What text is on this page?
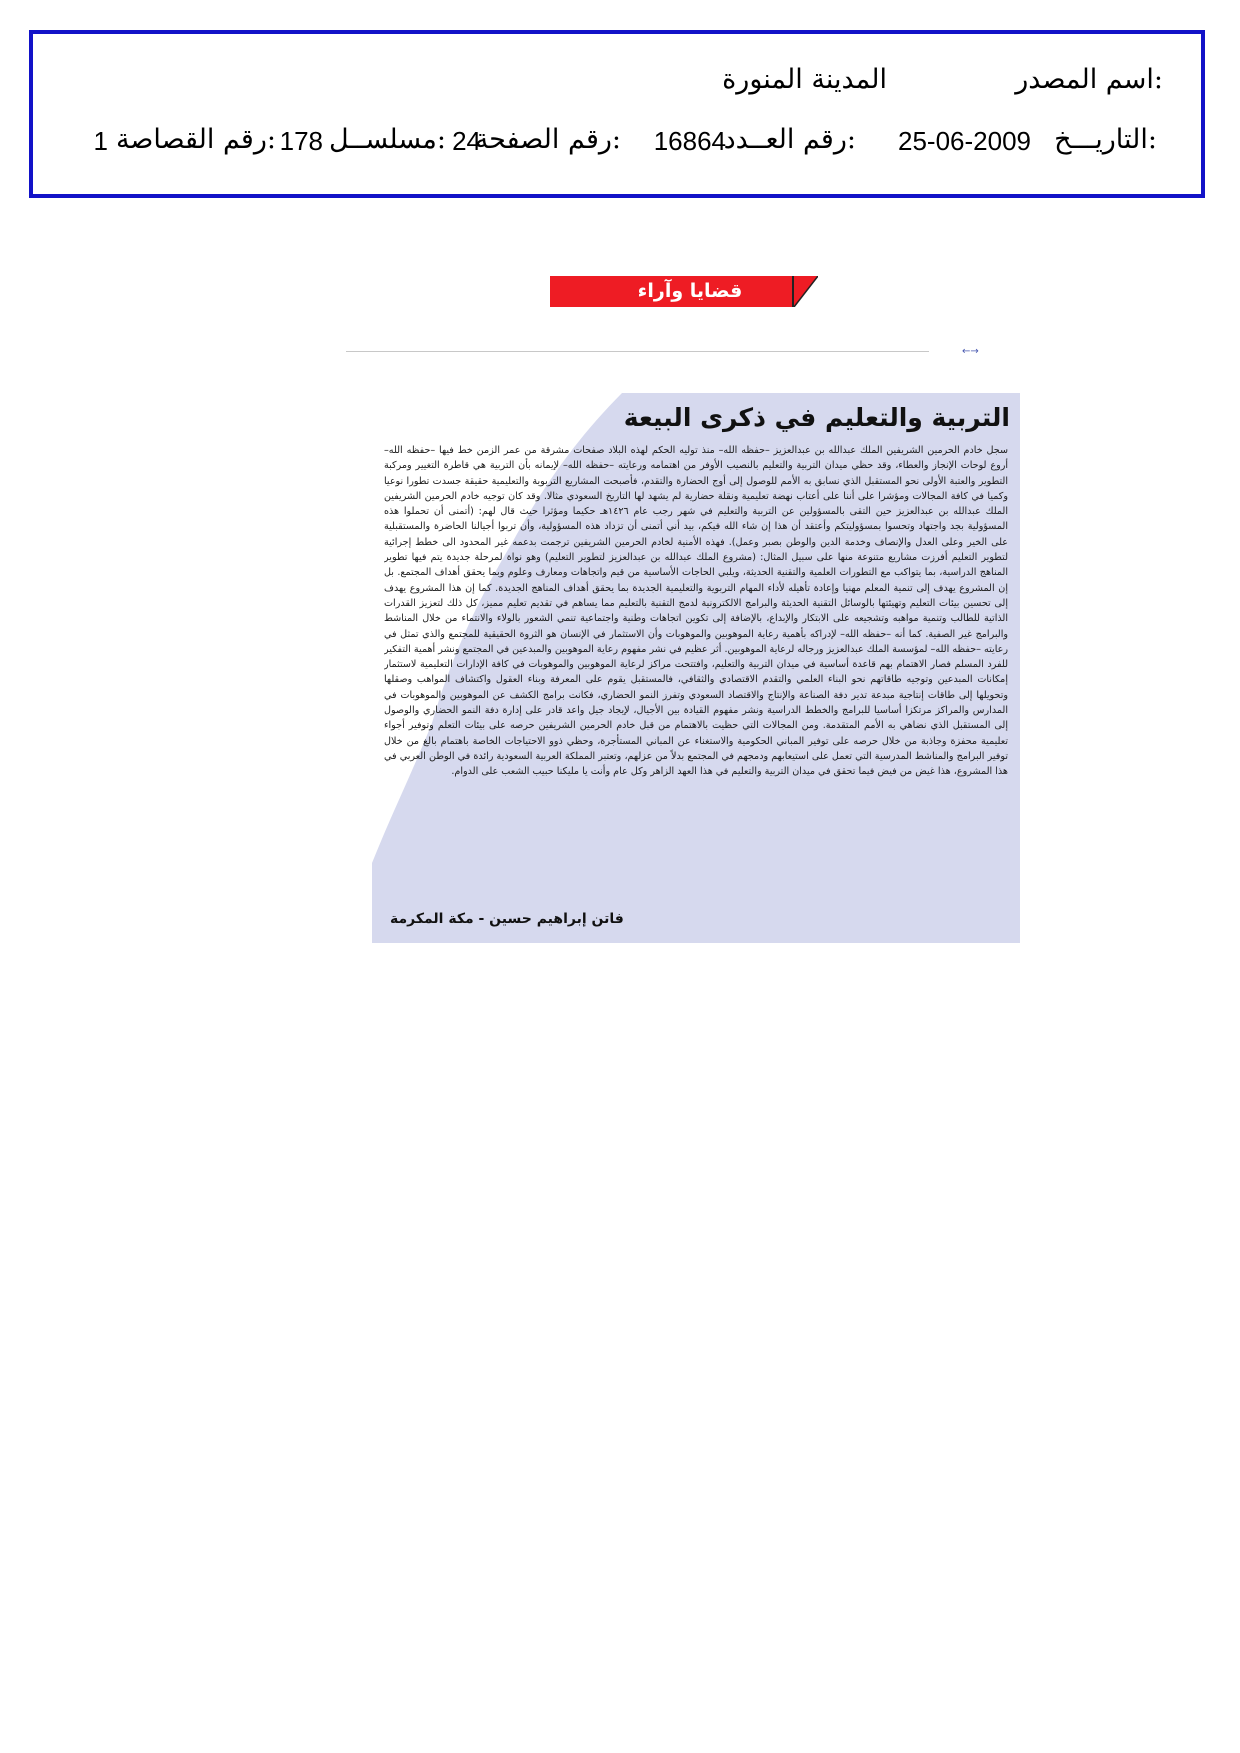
اسم المصدر:
المدينة المنورة
التاريـــخ:
25-06-2009
رقم العــدد:
16864
رقم الصفحة:
24
مسلســل:
178
رقم القصاصة:
1
قضايا وآراء
←→
التربية والتعليم في ذكرى البيعة
سجل خادم الحرمين الشريفين الملك عبدالله بن عبدالعزيز –حفظه الله– منذ توليه الحكم لهذه البلاد صفحات مشرقة من عمر الزمن خط فيها –حفظه الله– أروع لوحات الإنجاز والعطاء، وقد حظي ميدان التربية والتعليم بالنصيب الأوفر من اهتمامه ورعايته –حفظه الله– لإيمانه بأن التربية هي قاطرة التغيير ومركبة التطوير والعتبة الأولى نحو المستقبل الذي نسابق به الأمم للوصول إلى أوج الحضارة والتقدم، فأصبحت المشاريع التربوية والتعليمية حقيقة جسدت تطورا نوعيا وكميا في كافة المجالات ومؤشرا على أننا على أعتاب نهضة تعليمية ونقلة حضارية لم يشهد لها التاريخ السعودي مثالا. وقد كان توجيه خادم الحرمين الشريفين الملك عبدالله بن عبدالعزيز حين التقى بالمسؤولين عن التربية والتعليم في شهر رجب عام ١٤٢٦هـ حكيما ومؤثرا حيث قال لهم: (أتمنى أن تحملوا هذه المسؤولية بجد واجتهاد وتحسوا بمسؤوليتكم وأعتقد أن هذا إن شاء الله فيكم، بيد أني أتمنى أن تزداد هذه المسؤولية، وأن تربوا أجيالنا الحاضرة والمستقبلية على الخير وعلى العدل والإنصاف وخدمة الدين والوطن بصبر وعمل). فهذه الأمنية لخادم الحرمين الشريفين ترجمت بدعمه غير المحدود الى خطط إجرائية لتطوير التعليم أفرزت مشاريع متنوعة منها على سبيل المثال: (مشروع الملك عبدالله بن عبدالعزيز لتطوير التعليم) وهو نواة لمرحلة جديدة يتم فيها تطوير المناهج الدراسية، بما يتواكب مع التطورات العلمية والتقنية الحديثة، ويلبي الحاجات الأساسية من قيم واتجاهات ومعارف وعلوم وبما يحقق أهداف المجتمع. بل إن المشروع يهدف إلى تنمية المعلم مهنيا وإعادة تأهيله لأداء المهام التربوية والتعليمية الجديدة بما يحقق أهداف المناهج الجديدة. كما إن هذا المشروع يهدف إلى تحسين بيئات التعليم وتهيئتها بالوسائل التقنية الحديثة والبرامج الالكترونية لدمج التقنية بالتعليم مما يساهم في تقديم تعليم مميز، كل ذلك لتعزيز القدرات الذاتية للطالب وتنمية مواهبه وتشجيعه على الابتكار والإبداع، بالإضافة إلى تكوين اتجاهات وطنية واجتماعية تنمي الشعور بالولاء والانتماء من خلال المناشط والبرامج غير الصفية. كما أنه –حفظه الله– لإدراكه بأهمية رعاية الموهوبين والموهوبات وأن الاستثمار في الإنسان هو الثروة الحقيقية للمجتمع والذي تمثل في رعايته –حفظه الله– لمؤسسة الملك عبدالعزيز ورجاله لرعاية الموهوبين. أثر عظيم في نشر مفهوم رعاية الموهوبين والمبدعين في المجتمع ونشر أهمية التفكير للفرد المسلم فصار الاهتمام بهم قاعدة أساسية في ميدان التربية والتعليم، وافتتحت مراكز لرعاية الموهوبين والموهوبات في كافة الإدارات التعليمية لاستثمار إمكانات المبدعين وتوجيه طاقاتهم نحو البناء العلمي والتقدم الاقتصادي والثقافي، فالمستقبل يقوم على المعرفة وبناء العقول واكتشاف المواهب وصقلها وتحويلها إلى طاقات إنتاجية مبدعة تدير دفة الصناعة والإنتاج والاقتصاد السعودي وتفرز النمو الحضاري، فكانت برامج الكشف عن الموهوبين والموهوبات في المدارس والمراكز مرتكزا أساسيا للبرامج والخطط الدراسية ونشر مفهوم القيادة بين الأجيال، لإيجاد جيل واعد قادر على إدارة دفة النمو الحضاري والوصول إلى المستقبل الذي نضاهي به الأمم المتقدمة. ومن المجالات التي حظيت بالاهتمام من قبل خادم الحرمين الشريفين حرصه على بيئات التعلم وتوفير أجواء تعليمية محفزة وجاذبة من خلال حرصه على توفير المباني الحكومية والاستغناء عن المباني المستأجرة، وحظي ذوو الاحتياجات الخاصة باهتمام بالغ من خلال توفير البرامج والمناشط المدرسية التي تعمل على استيعابهم ودمجهم في المجتمع بدلاً من عزلهم، وتعتبر المملكة العربية السعودية رائدة في الوطن العربي في هذا المشروع، هذا غيض من فيض فيما تحقق في ميدان التربية والتعليم في هذا العهد الزاهر وكل عام وأنت يا مليكنا حبيب الشعب على الدوام.
فاتن إبراهيم حسين - مكة المكرمة
